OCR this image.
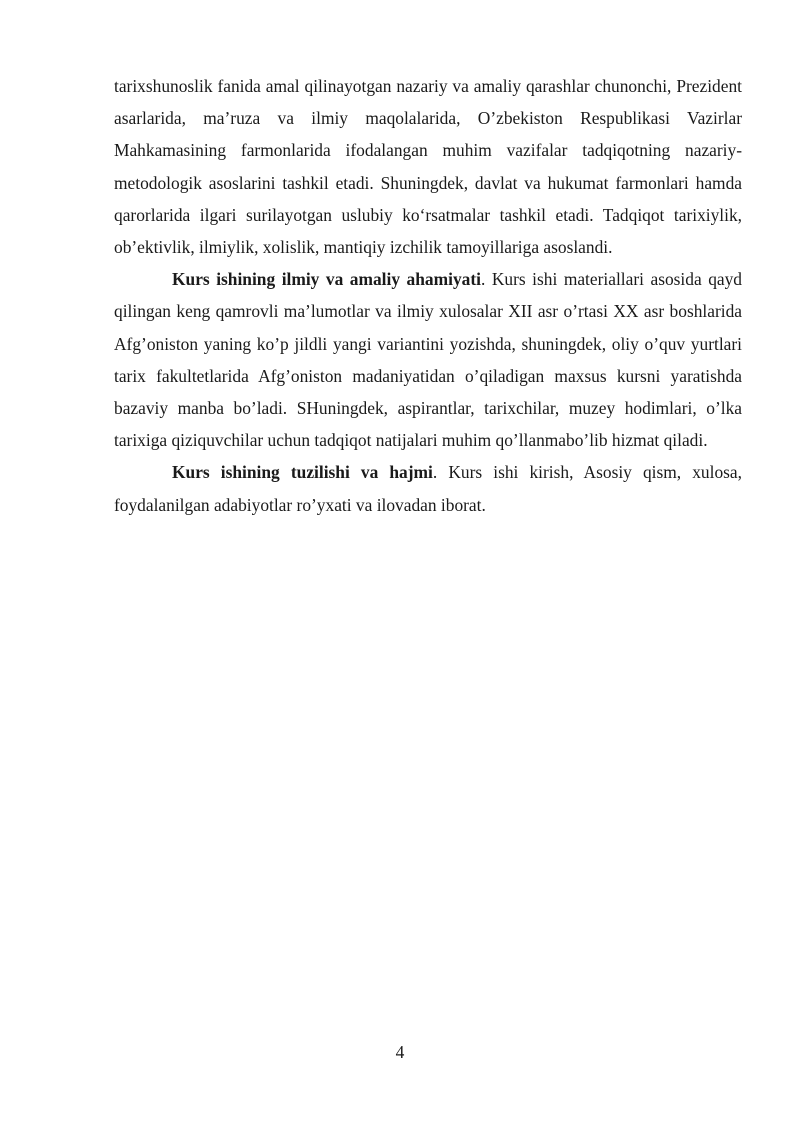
tarixshunoslik fanida amal qilinayotgan nazariy va amaliy qarashlar chunonchi, Prezident asarlarida, ma’ruza va ilmiy maqolalarida, O’zbekiston Respublikasi Vazirlar Mahkamasining farmonlarida ifodalangan muhim vazifalar tadqiqotning nazariy-metodologik asoslarini tashkil etadi. Shuningdek, davlat va hukumat farmonlari hamda qarorlarida ilgari surilayotgan uslubiy ko‘rsatmalar tashkil etadi. Tadqiqot tarixiylik, ob’ektivlik, ilmiylik, xolislik, mantiqiy izchilik tamoyillariga asoslandi.

Kurs ishining ilmiy va amaliy ahamiyati. Kurs ishi materiallari asosida qayd qilingan keng qamrovli ma’lumotlar va ilmiy xulosalar XII asr o’rtasi XX asr boshlarida Afg’oniston yaning ko’p jildli yangi variantini yozishda, shuningdek, oliy o’quv yurtlari tarix fakultetlarida Afg’oniston madaniyatidan o’qiladigan maxsus kursni yaratishda bazaviy manba bo’ladi. SHuningdek, aspirantlar, tarixchilar, muzey hodimlari, o’lka tarixiga qiziquvchilar uchun tadqiqot natijalari muhim qo’llanmabo’lib hizmat qiladi.

Kurs ishining tuzilishi va hajmi. Kurs ishi kirish, Asosiy qism, xulosa, foydalanilgan adabiyotlar ro’yxati va ilovadan iborat.

4
